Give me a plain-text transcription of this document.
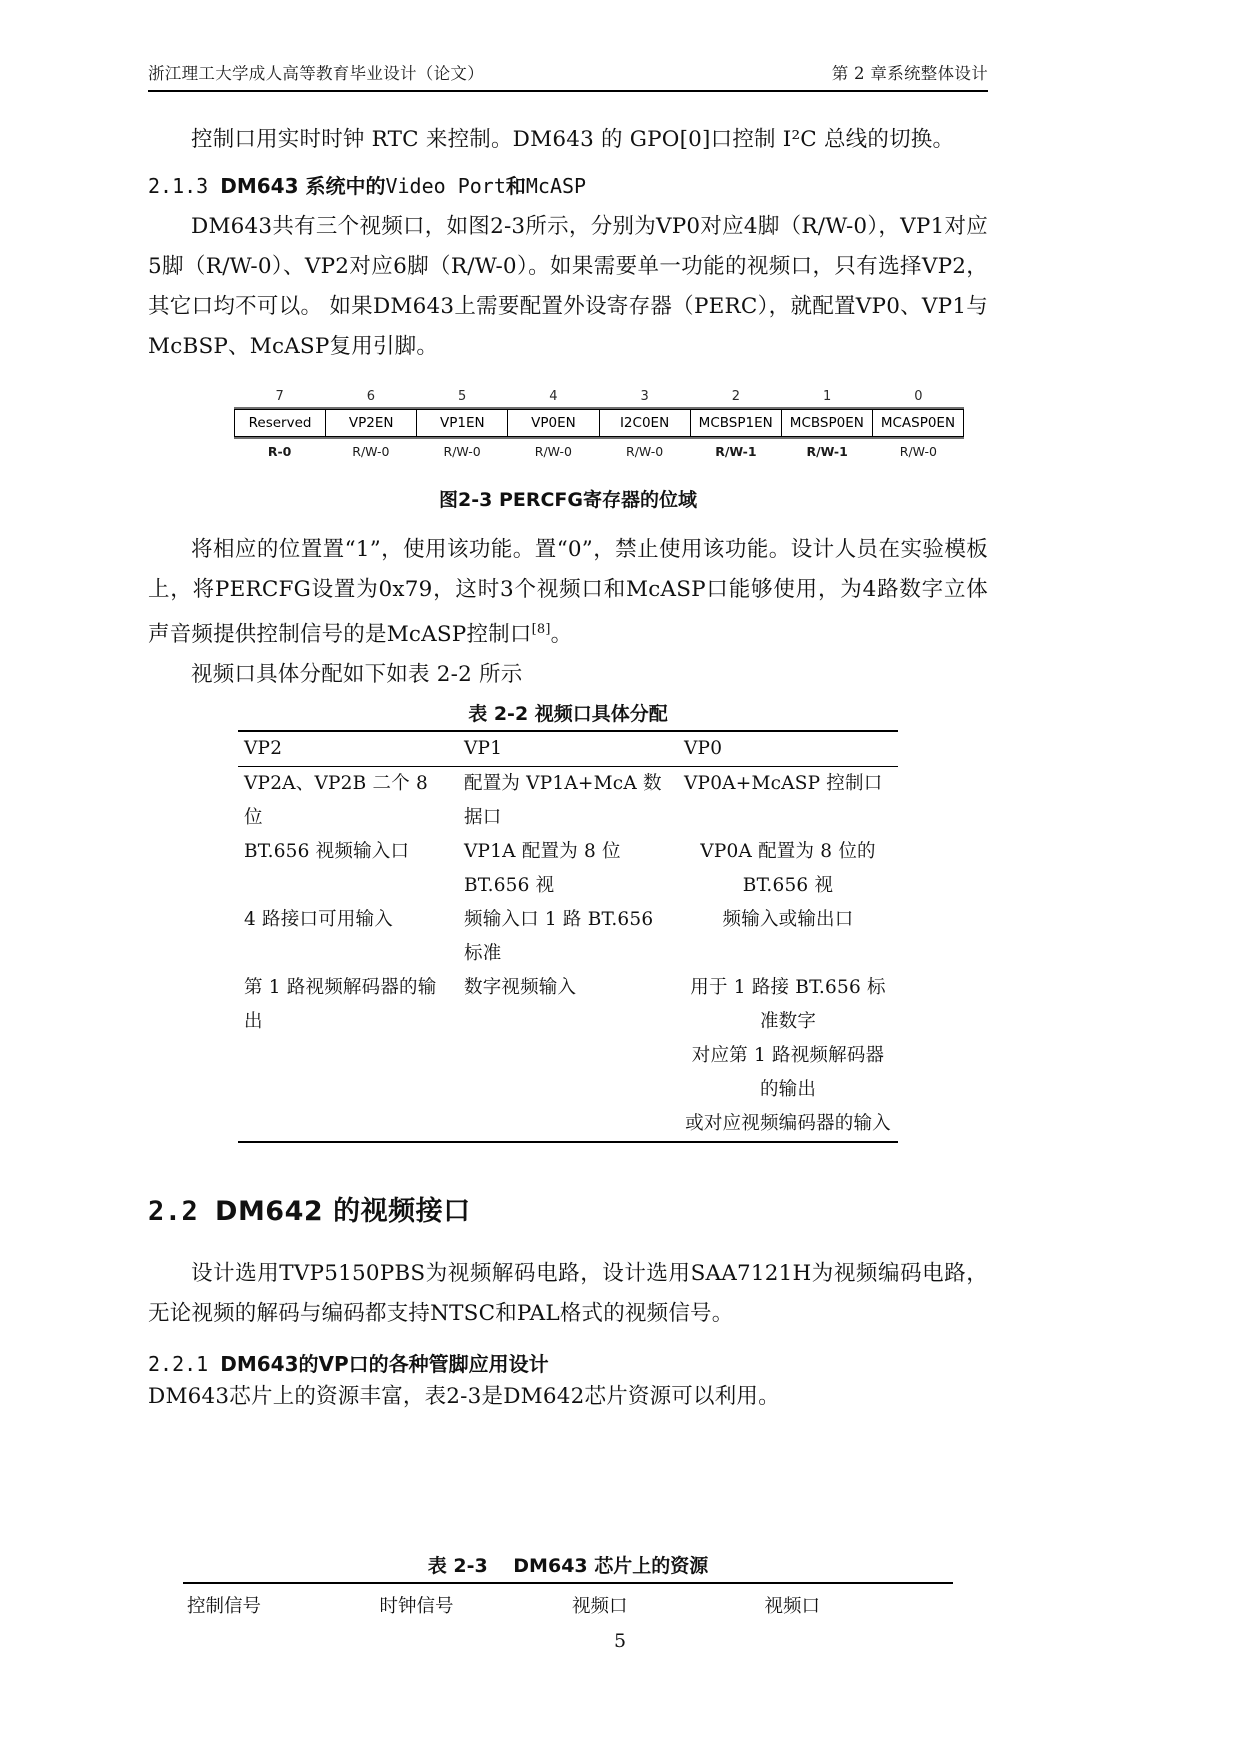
浙江理工大学成人高等教育毕业设计（论文）	第 2 章系统整体设计

控制口用实时时钟 RTC 来控制。DM643 的 GPO[0]口控制 I²C 总线的切换。

2.1.3 DM643 系统中的Video Port和McASP

DM643共有三个视频口，如图2-3所示，分别为VP0对应4脚（R/W-0），VP1对应5脚（R/W-0）、VP2对应6脚（R/W-0）。如果需要单一功能的视频口，只有选择VP2，其它口均不可以。 如果DM643上需要配置外设寄存器（PERC），就配置VP0、VP1与McBSP、McASP复用引脚。

7	6	5	4	3	2	1	0
Reserved	VP2EN	VP1EN	VP0EN	I2C0EN	MCBSP1EN	MCBSP0EN	MCASP0EN
R-0	R/W-0	R/W-0	R/W-0	R/W-0	R/W-1	R/W-1	R/W-0
图2-3 PERCFG寄存器的位域

将相应的位置置“1”，使用该功能。置“0”，禁止使用该功能。设计人员在实验模板上，将PERCFG设置为0x79，这时3个视频口和McASP口能够使用，为4路数字立体声音频提供控制信号的是McASP控制口[8]。

视频口具体分配如下如表 2-2 所示

表 2-2 视频口具体分配
VP2	VP1	VP0
VP2A、VP2B 二个 8 位	配置为 VP1A+McA 数据口	VP0A+McASP 控制口
BT.656 视频输入口	VP1A 配置为 8 位 BT.656 视	VP0A 配置为 8 位的 BT.656 视
4 路接口可用输入	频输入口 1 路 BT.656 标准	频输入或输出口
第 1 路视频解码器的输出	数字视频输入	用于 1 路接 BT.656 标准数字
		对应第 1 路视频解码器的输出
		或对应视频编码器的输入

2.2 DM642 的视频接口

设计选用TVP5150PBS为视频解码电路，设计选用SAA7121H为视频编码电路，无论视频的解码与编码都支持NTSC和PAL格式的视频信号。

2.2.1 DM643的VP口的各种管脚应用设计

DM643芯片上的资源丰富，表2-3是DM642芯片资源可以利用。

表 2-3　 DM643 芯片上的资源
控制信号	时钟信号	视频口	视频口
5
